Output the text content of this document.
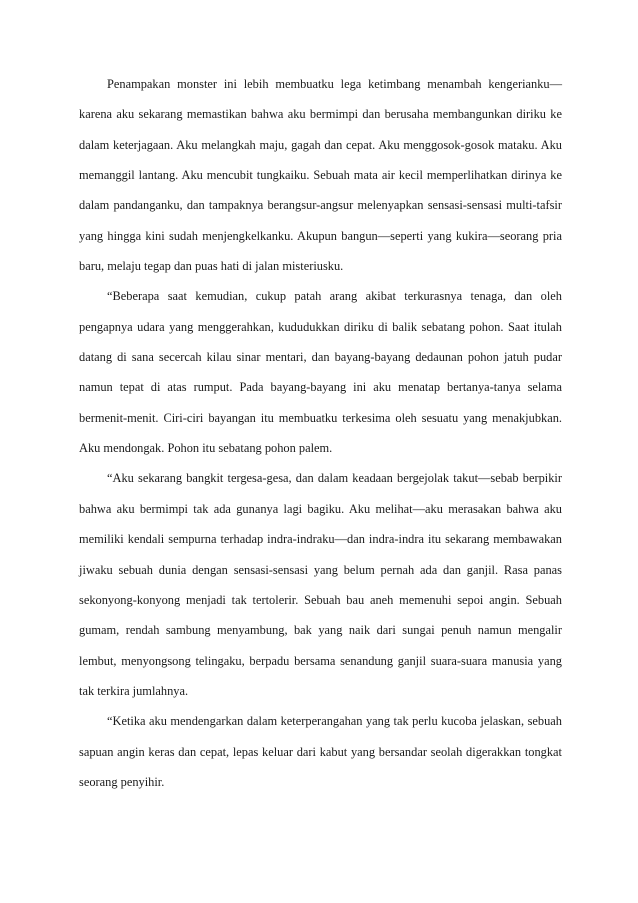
Penampakan monster ini lebih membuatku lega ketimbang menambah kengerianku—karena aku sekarang memastikan bahwa aku bermimpi dan berusaha membangunkan diriku ke dalam keterjagaan. Aku melangkah maju, gagah dan cepat. Aku menggosok-gosok mataku. Aku memanggil lantang. Aku mencubit tungkaiku. Sebuah mata air kecil memperlihatkan dirinya ke dalam pandanganku, dan tampaknya berangsur-angsur melenyapkan sensasi-sensasi multi-tafsir yang hingga kini sudah menjengkelkanku. Akupun bangun—seperti yang kukira—seorang pria baru, melaju tegap dan puas hati di jalan misteriusku.

“Beberapa saat kemudian, cukup patah arang akibat terkurasnya tenaga, dan oleh pengapnya udara yang menggerahkan, kududukkan diriku di balik sebatang pohon. Saat itulah datang di sana secercah kilau sinar mentari, dan bayang-bayang dedaunan pohon jatuh pudar namun tepat di atas rumput. Pada bayang-bayang ini aku menatap bertanya-tanya selama bermenit-menit. Ciri-ciri bayangan itu membuatku terkesima oleh sesuatu yang menakjubkan. Aku mendongak. Pohon itu sebatang pohon palem.

“Aku sekarang bangkit tergesa-gesa, dan dalam keadaan bergejolak takut—sebab berpikir bahwa aku bermimpi tak ada gunanya lagi bagiku. Aku melihat—aku merasakan bahwa aku memiliki kendali sempurna terhadap indra-indraku—dan indra-indra itu sekarang membawakan jiwaku sebuah dunia dengan sensasi-sensasi yang belum pernah ada dan ganjil. Rasa panas sekonyong-konyong menjadi tak tertolerir. Sebuah bau aneh memenuhi sepoi angin. Sebuah gumam, rendah sambung menyambung, bak yang naik dari sungai penuh namun mengalir lembut, menyongsong telingaku, berpadu bersama senandung ganjil suara-suara manusia yang tak terkira jumlahnya.

“Ketika aku mendengarkan dalam keterperangahan yang tak perlu kucoba jelaskan, sebuah sapuan angin keras dan cepat, lepas keluar dari kabut yang bersandar seolah digerakkan tongkat seorang penyihir.
